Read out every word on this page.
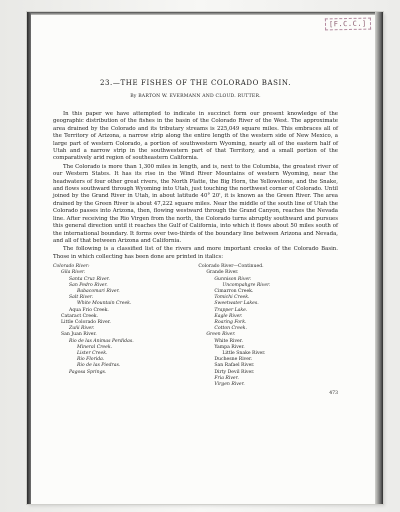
[F.C.C.]
23.—THE FISHES OF THE COLORADO BASIN.
By BARTON W. EVERMANN AND CLOUD. RUTTER.

In this paper we have attempted to indicate in succinct form our present knowledge of the geographic distribution of the fishes in the basin of the Colorado River of the West. The approximate area drained by the Colorado and its tributary streams is 225,049 square miles. This embraces all of the Territory of Arizona, a narrow strip along the entire length of the western side of New Mexico, a large part of western Colorado, a portion of southwestern Wyoming, nearly all of the eastern half of Utah and a narrow strip in the southwestern part of that Territory, and a small portion of the comparatively arid region of southeastern California.

The Colorado is more than 1,300 miles in length, and is, next to the Columbia, the greatest river of our Western States. It has its rise in the Wind River Mountains of western Wyoming, near the headwaters of four other great rivers, the North Platte, the Big Horn, the Yellowstone, and the Snake, and flows southward through Wyoming into Utah, just touching the northwest corner of Colorado. Until joined by the Grand River in Utah, in about latitude 40° 20', it is known as the Green River. The area drained by the Green River is about 47,222 square miles. Near the middle of the south line of Utah the Colorado passes into Arizona, then, flowing westward through the Grand Canyon, reaches the Nevada line. After receiving the Rio Virgen from the north, the Colorado turns abruptly southward and pursues this general direction until it reaches the Gulf of California, into which it flows about 50 miles south of the international boundary. It forms over two-thirds of the boundary line between Arizona and Nevada, and all of that between Arizona and California.

The following is a classified list of the rivers and more important creeks of the Colorado Basin. Those in which collecting has been done are printed in italics:

Colorado River:
Gila River.
Santa Cruz River.
San Pedro River.
Babacomari River.
Salt River.
White Mountain Creek.
Aqua Frio Creek.
Cataract Creek.
Little Colorado River.
Zuñi River.
San Juan River.
Rio de las Animas Perdidas.
Mineral Creek.
Lister Creek.
Rio Florida.
Rio de las Piedras.
Pagosa Springs.
Colorado River—Continued.
Grande River.
Gunnison River.
Uncompahgre River.
Cimarron Creek.
Tomichi Creek.
Sweetwater Lakes.
Trapper Lake.
Eagle River.
Roaring Fork.
Cotton Creek.
Green River.
White River.
Yampa River.
Little Snake River.
Duchesne River.
San Rafael River.
Dirty Devil River.
Fria River.
Virgen River.
473
